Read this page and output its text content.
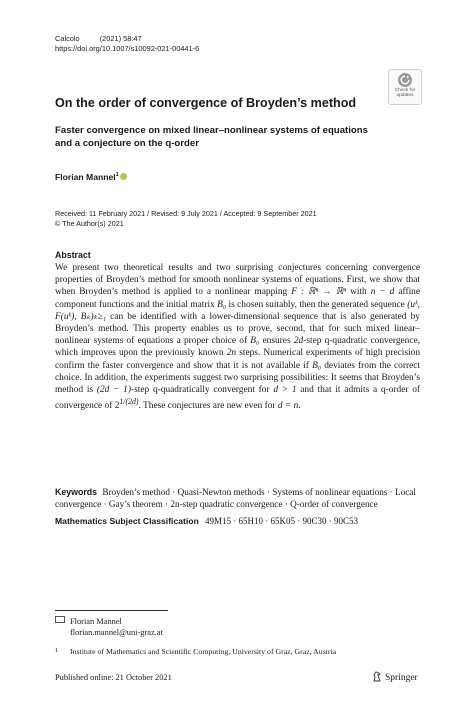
Calcolo	(2021) 58:47
https://doi.org/10.1007/s10092-021-00441-6
Check for updates
On the order of convergence of Broyden’s method
Faster convergence on mixed linear–nonlinear systems of equations and a conjecture on the q-order
Florian Mannel$^1$
Received: 11 February 2021 / Revised: 9 July 2021 / Accepted: 9 September 2021
© The Author(s) 2021
Abstract
We present two theoretical results and two surprising conjectures concerning convergence properties of Broyden’s method for smooth nonlinear systems of equations. First, we show that when Broyden’s method is applied to a nonlinear mapping F : ℝⁿ → ℝⁿ with n − d affine component functions and the initial matrix B₀ is chosen suitably, then the generated sequence (uᵏ, F(uᵏ), Bₖ)ₖ≥₁ can be identified with a lower-dimensional sequence that is also generated by Broyden’s method. This property enables us to prove, second, that for such mixed linear–nonlinear systems of equations a proper choice of B₀ ensures 2d-step q-quadratic convergence, which improves upon the previously known 2n steps. Numerical experiments of high precision confirm the faster convergence and show that it is not available if B₀ deviates from the correct choice. In addition, the experiments suggest two surprising possibilities: It seems that Broyden’s method is (2d − 1)-step q-quadratically convergent for d > 1 and that it admits a q-order of convergence of $2^{1/(2d)}$. These conjectures are new even for d = n.
Keywords Broyden’s method · Quasi-Newton methods · Systems of nonlinear equations · Local convergence · Gay’s theorem · 2n-step quadratic convergence · Q-order of convergence
Mathematics Subject Classification 49M15 · 65H10 · 65K05 · 90C30 · 90C53
Florian Mannel
florian.mannel@uni-graz.at
1 Institute of Mathematics and Scientific Computing, University of Graz, Graz, Austria
Published online: 21 October 2021	Springer
